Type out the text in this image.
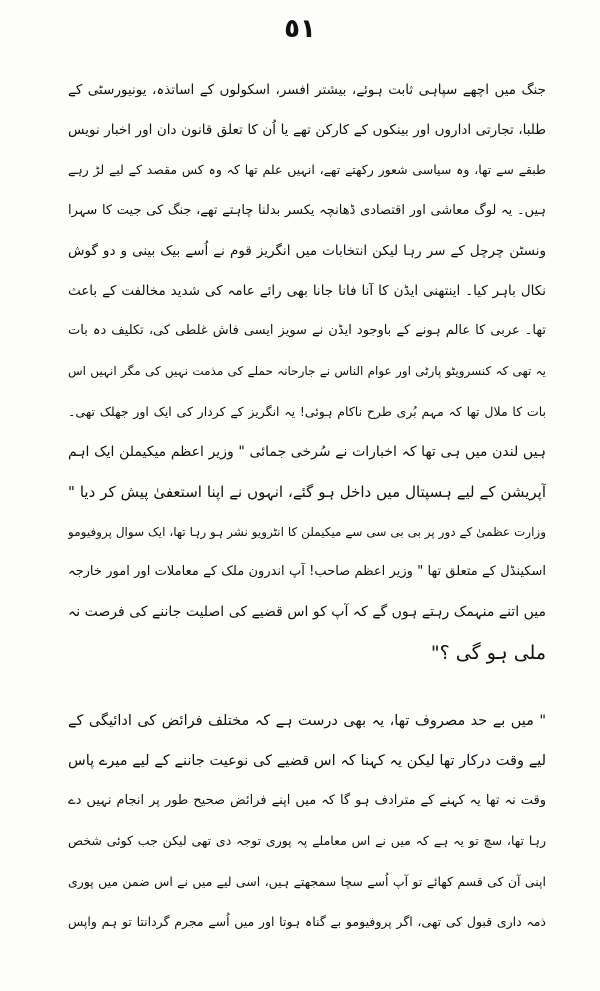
٥١
جنگ میں اچھے سپاہی ثابت ہوئے، بیشتر افسر، اسکولوں کے اساتذہ، یونیورسٹی کے
طلبا، تجارتی اداروں اور بینکوں کے کارکن تھے یا اُن کا تعلق قانون دان اور اخبار نویس
طبقے سے تھا، وہ سیاسی شعور رکھتے تھے، انہیں علم تھا کہ وہ کس مقصد کے لیے لڑ رہے
ہیں۔ یہ لوگ معاشی اور اقتصادی ڈھانچہ یکسر بدلنا چاہتے تھے، جنگ کی جیت کا سہرا
ونسٹن چرچل کے سر رہا لیکن انتخابات میں انگریز قوم نے اُسے بیک بینی و دو گوش
نکال باہر کیا۔ اینتھنی ایڈن کا آنا فانا جانا بھی رائے عامہ کی شدید مخالفت کے باعث
تھا۔ عربی کا عالم ہونے کے باوجود ایڈن نے سویز ایسی فاش غلطی کی، تکلیف دہ بات
یہ تھی کہ کنسرویٹو پارٹی اور عوام الناس نے جارحانہ حملے کی مذمت نہیں کی مگر انہیں اس
بات کا ملال تھا کہ مہم بُری طرح ناکام ہوئی! یہ انگریز کے کردار کی ایک اور جھلک تھی۔
ہیں لندن میں ہی تھا کہ اخبارات نے سُرخی جمائی " وزیر اعظم میکیملن ایک اہم
آپریشن کے لیے ہسپتال میں داخل ہو گئے، انہوں نے اپنا استعفیٰ پیش کر دیا "
وزارت عظمیٰ کے دور پر بی بی سی سے میکیملن کا انٹرویو نشر ہو رہا تھا، ایک سوال پروفیومو
اسکینڈل کے متعلق تھا " وزیر اعظم صاحب! آپ اندرون ملک کے معاملات اور امور خارجہ
میں اتنے منہمک رہتے ہوں گے کہ آپ کو اس قضیے کی اصلیت جاننے کی فرصت نہ
ملی ہو گی ؟"
" میں بے حد مصروف تھا، یہ بھی درست ہے کہ مختلف فرائض کی ادائیگی کے
لیے وقت درکار تھا لیکن یہ کہنا کہ اس قضیے کی نوعیت جاننے کے لیے میرے پاس
وقت نہ تھا یہ کہنے کے مترادف ہو گا کہ میں اپنے فرائض صحیح طور پر انجام نہیں دے
رہا تھا، سچ تو یہ ہے کہ میں نے اس معاملے پہ پوری توجہ دی تھی لیکن جب کوئی شخص
اپنی آن کی قسم کھائے تو آپ اُسے سچا سمجھتے ہیں، اسی لیے میں نے اس ضمن میں پوری
ذمہ داری قبول کی تھی، اگر پروفیومو بے گناہ ہوتا اور میں اُسے مجرم گردانتا تو ہم واپس
